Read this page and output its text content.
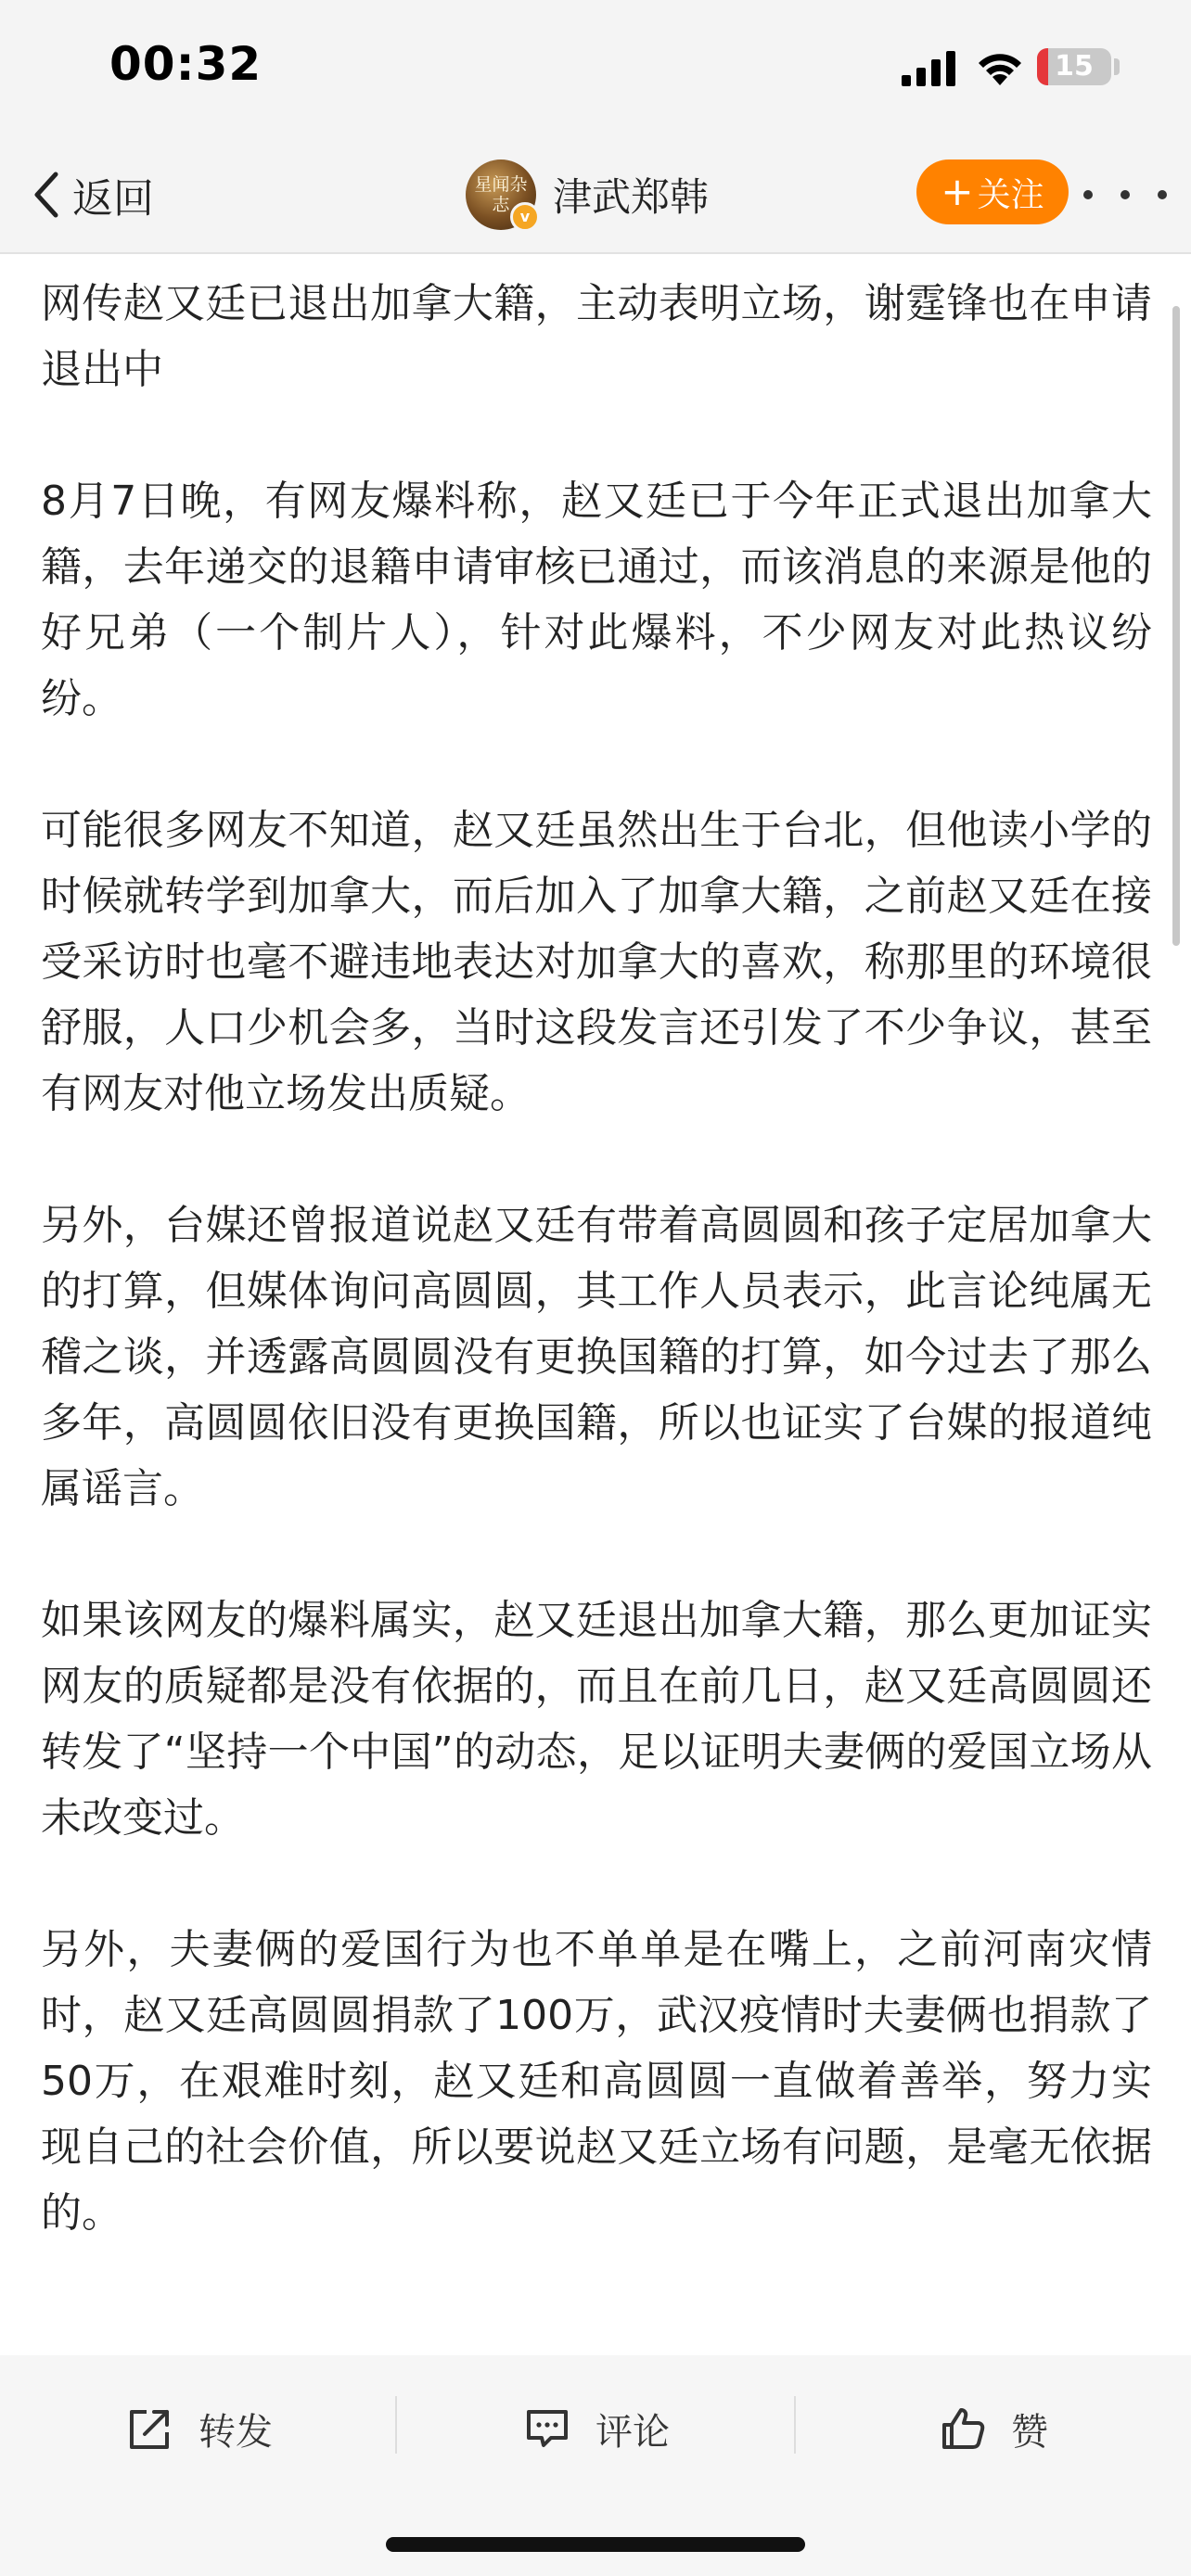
00:32	15
返回	星闻杂志
v 津武郑韩	+ 关注

网传赵又廷已退出加拿大籍，主动表明立场，谢霆锋也在申请退出中

8月7日晚，有网友爆料称，赵又廷已于今年正式退出加拿大籍，去年递交的退籍申请审核已通过，而该消息的来源是他的好兄弟（一个制片人），针对此爆料，不少网友对此热议纷纷。

可能很多网友不知道，赵又廷虽然出生于台北，但他读小学的时候就转学到加拿大，而后加入了加拿大籍，之前赵又廷在接受采访时也毫不避违地表达对加拿大的喜欢，称那里的环境很舒服，人口少机会多，当时这段发言还引发了不少争议，甚至有网友对他立场发出质疑。

另外，台媒还曾报道说赵又廷有带着高圆圆和孩子定居加拿大的打算，但媒体询问高圆圆，其工作人员表示，此言论纯属无稽之谈，并透露高圆圆没有更换国籍的打算，如今过去了那么多年，高圆圆依旧没有更换国籍，所以也证实了台媒的报道纯属谣言。

如果该网友的爆料属实，赵又廷退出加拿大籍，那么更加证实网友的质疑都是没有依据的，而且在前几日，赵又廷高圆圆还转发了“坚持一个中国”的动态，足以证明夫妻俩的爱国立场从未改变过。

另外，夫妻俩的爱国行为也不单单是在嘴上，之前河南灾情时，赵又廷高圆圆捐款了100万，武汉疫情时夫妻俩也捐款了50万，在艰难时刻，赵又廷和高圆圆一直做着善举，努力实现自己的社会价值，所以要说赵又廷立场有问题，是毫无依据的。

转发	评论	赞
